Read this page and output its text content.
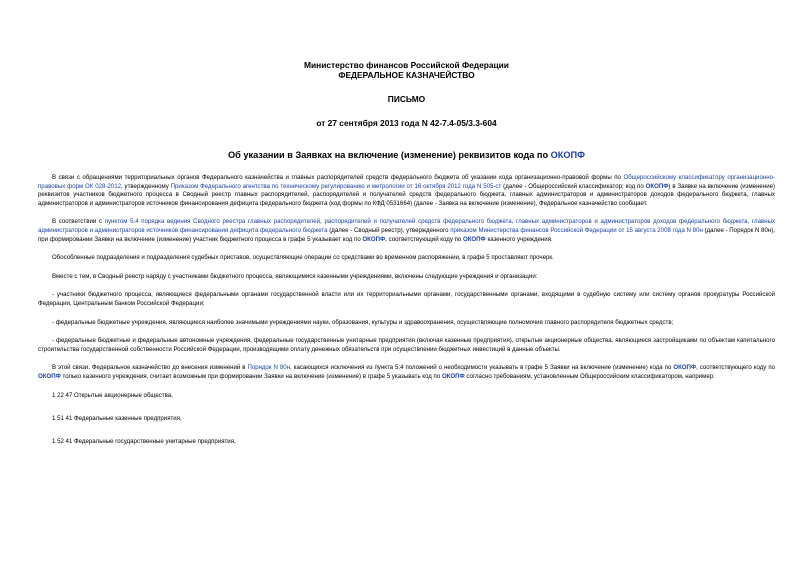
Министерство финансов Российской Федерации
ФЕДЕРАЛЬНОЕ КАЗНАЧЕЙСТВО
ПИСЬМО
от 27 сентября 2013 года N 42-7.4-05/3.3-604
Об указании в Заявках на включение (изменение) реквизитов кода по ОКОПФ

В связи с обращениями территориальных органов Федерального казначейства и главных распорядителей средств федерального бюджета об указании кода организационно-правовой формы по Общероссийскому классификатору организационно-правовых форм ОК 028-2012, утвержденному Приказом Федерального агентства по техническому регулированию и метрологии от 16 октября 2012 года N 505-ст (далее - Общероссийский классификатор; код по ОКОПФ) в Заявке на включение (изменение) реквизитов участников бюджетного процесса в Сводный реестр главных распорядителей, распорядителей и получателей средств федерального бюджета, главных администраторов и администраторов доходов федерального бюджета, главных администраторов и администраторов источников финансирования дефицита федерального бюджета (код формы по КФД 0531664) (далее - Заявка на включение (изменение), Федеральное казначейство сообщает.

В соответствии с пунктом 5.4 порядка ведения Сводного реестра главных распорядителей, распорядителей и получателей средств федерального бюджета, главных администраторов и администраторов доходов федерального бюджета, главных администраторов и администраторов источников финансирования дефицита федерального бюджета (далее - Сводный реестр), утвержденного приказом Министерства финансов Российской Федерации от 15 августа 2008 года N 80н (далее - Порядок N 80н), при формировании Заявки на включение (изменение) участник бюджетного процесса в графе 5 указывает код по ОКОПФ, соответствующий коду по ОКОПФ казенного учреждения.

Обособленные подразделения и подразделения судебных приставов, осуществляющие операции со средствами во временном распоряжении, в графе 5 проставляют прочерк.

Вместе с тем, в Сводный реестр наряду с участниками бюджетного процесса, являющимися казенными учреждениями, включены следующие учреждения и организации:

- участники бюджетного процесса, являющиеся федеральными органами государственной власти или их территориальными органами, государственными органами, входящими в судебную систему или систему органов прокуратуры Российской Федерации, Центральным банком Российской Федерации;

- федеральные бюджетные учреждения, являющиеся наиболее значимыми учреждениями науки, образования, культуры и здравоохранения, осуществляющие полномочия главного распорядителя бюджетных средств;

- федеральные бюджетные и федеральные автономные учреждения, федеральные государственные унитарные предприятия (включая казенные предприятия), открытые акционерные общества, являющиеся застройщиками по объектам капитального строительства государственной собственности Российской Федерации, производящими оплату денежных обязательств при осуществлении бюджетных инвестиций в данные объекты.

В этой связи, Федеральное казначейство до внесения изменений в Порядок N 80н, касающихся исключения из пункта 5.4 положений о необходимости указывать в графе 5 Заявки на включение (изменение) кода по ОКОПФ, соответствующего коду по ОКОПФ только казенного учреждения, считает возможным при формировании Заявки на включение (изменение) в графе 5 указывать код по ОКОПФ согласно требованиям, установленным Общероссийским классификатором, например:

1 22 47 Открытые акционерные общества,

1 51 41 Федеральные казенные предприятия,

1 52 41 Федеральные государственные унитарные предприятия,
